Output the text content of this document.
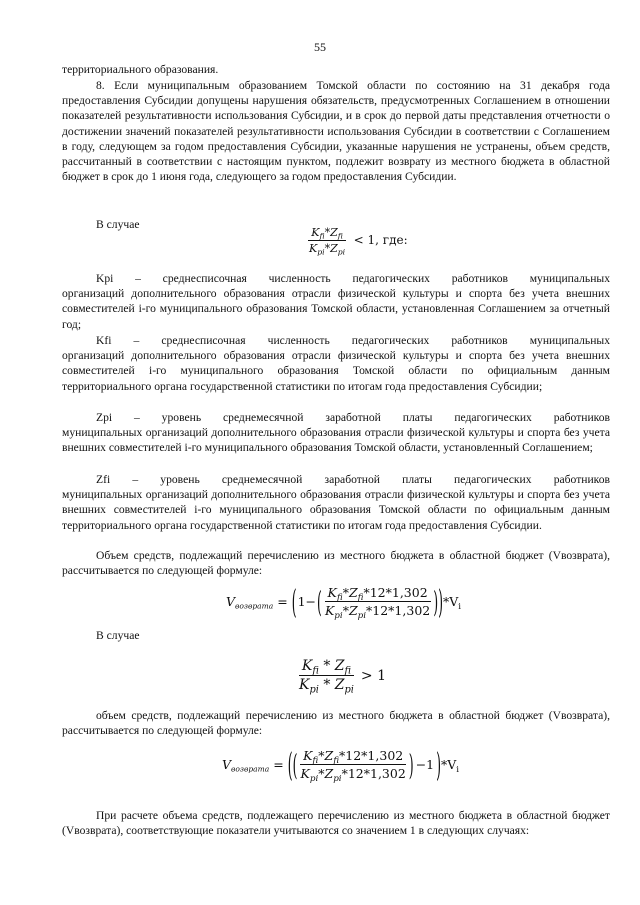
55
территориального образования.
8. Если муниципальным образованием Томской области по состоянию на 31 декабря года предоставления Субсидии допущены нарушения обязательств, предусмотренных Соглашением в отношении показателей результативности использования Субсидии, и в срок до первой даты представления отчетности о достижении значений показателей результативности использования Субсидии в соответствии с Соглашением в году, следующем за годом предоставления Субсидии, указанные нарушения не устранены, объем средств, рассчитанный в соответствии с настоящим пунктом, подлежит возврату из местного бюджета в областной бюджет в срок до 1 июня года, следующего за годом предоставления Субсидии.
В случае
$\frac{K_{fi}*Z_{fi}}{K_{pi}*Z_{pi}} < 1$, где:
Kpi – среднесписочная численность педагогических работников муниципальных
организаций дополнительного образования отрасли физической культуры и спорта без учета внешних совместителей i-го муниципального образования Томской области, установленная Соглашением за отчетный год;
Kfi – среднесписочная численность педагогических работников муниципальных
организаций дополнительного образования отрасли физической культуры и спорта без учета внешних совместителей i-го муниципального образования Томской области по официальным данным территориального органа государственной статистики по итогам года предоставления Субсидии;
Zpi – уровень среднемесячной заработной платы педагогических работников
муниципальных организаций дополнительного образования отрасли физической культуры и спорта без учета внешних совместителей i-го муниципального образования Томской области, установленный Соглашением;
Zfi – уровень среднемесячной заработной платы педагогических работников
муниципальных организаций дополнительного образования отрасли физической культуры и спорта без учета внешних совместителей i-го муниципального образования Томской области по официальным данным территориального органа государственной статистики по итогам года предоставления Субсидии.
Объем средств, подлежащий перечислению из местного бюджета в областной бюджет (Vвозврата), рассчитывается по следующей формуле:
$V_{возврата}$ = ( 1− ( $\frac{K_{fi}*Z_{fi}*12*1,302}{K_{pi}*Z_{pi}*12*1,302}$ ) ) $*V_i$
В случае
$\frac{K_{fi} * Z_{fi}}{K_{pi} * Z_{pi}} > 1$
объем средств, подлежащий перечислению из местного бюджета в областной бюджет (Vвозврата), рассчитывается по следующей формуле:
$V_{возврата}$ = ( ( $\frac{K_{fi}*Z_{fi}*12*1,302}{K_{pi}*Z_{pi}*12*1,302}$ ) −1 ) $*V_i$
При расчете объема средств, подлежащего перечислению из местного бюджета в областной бюджет (Vвозврата), соответствующие показатели учитываются со значением 1 в следующих случаях:
